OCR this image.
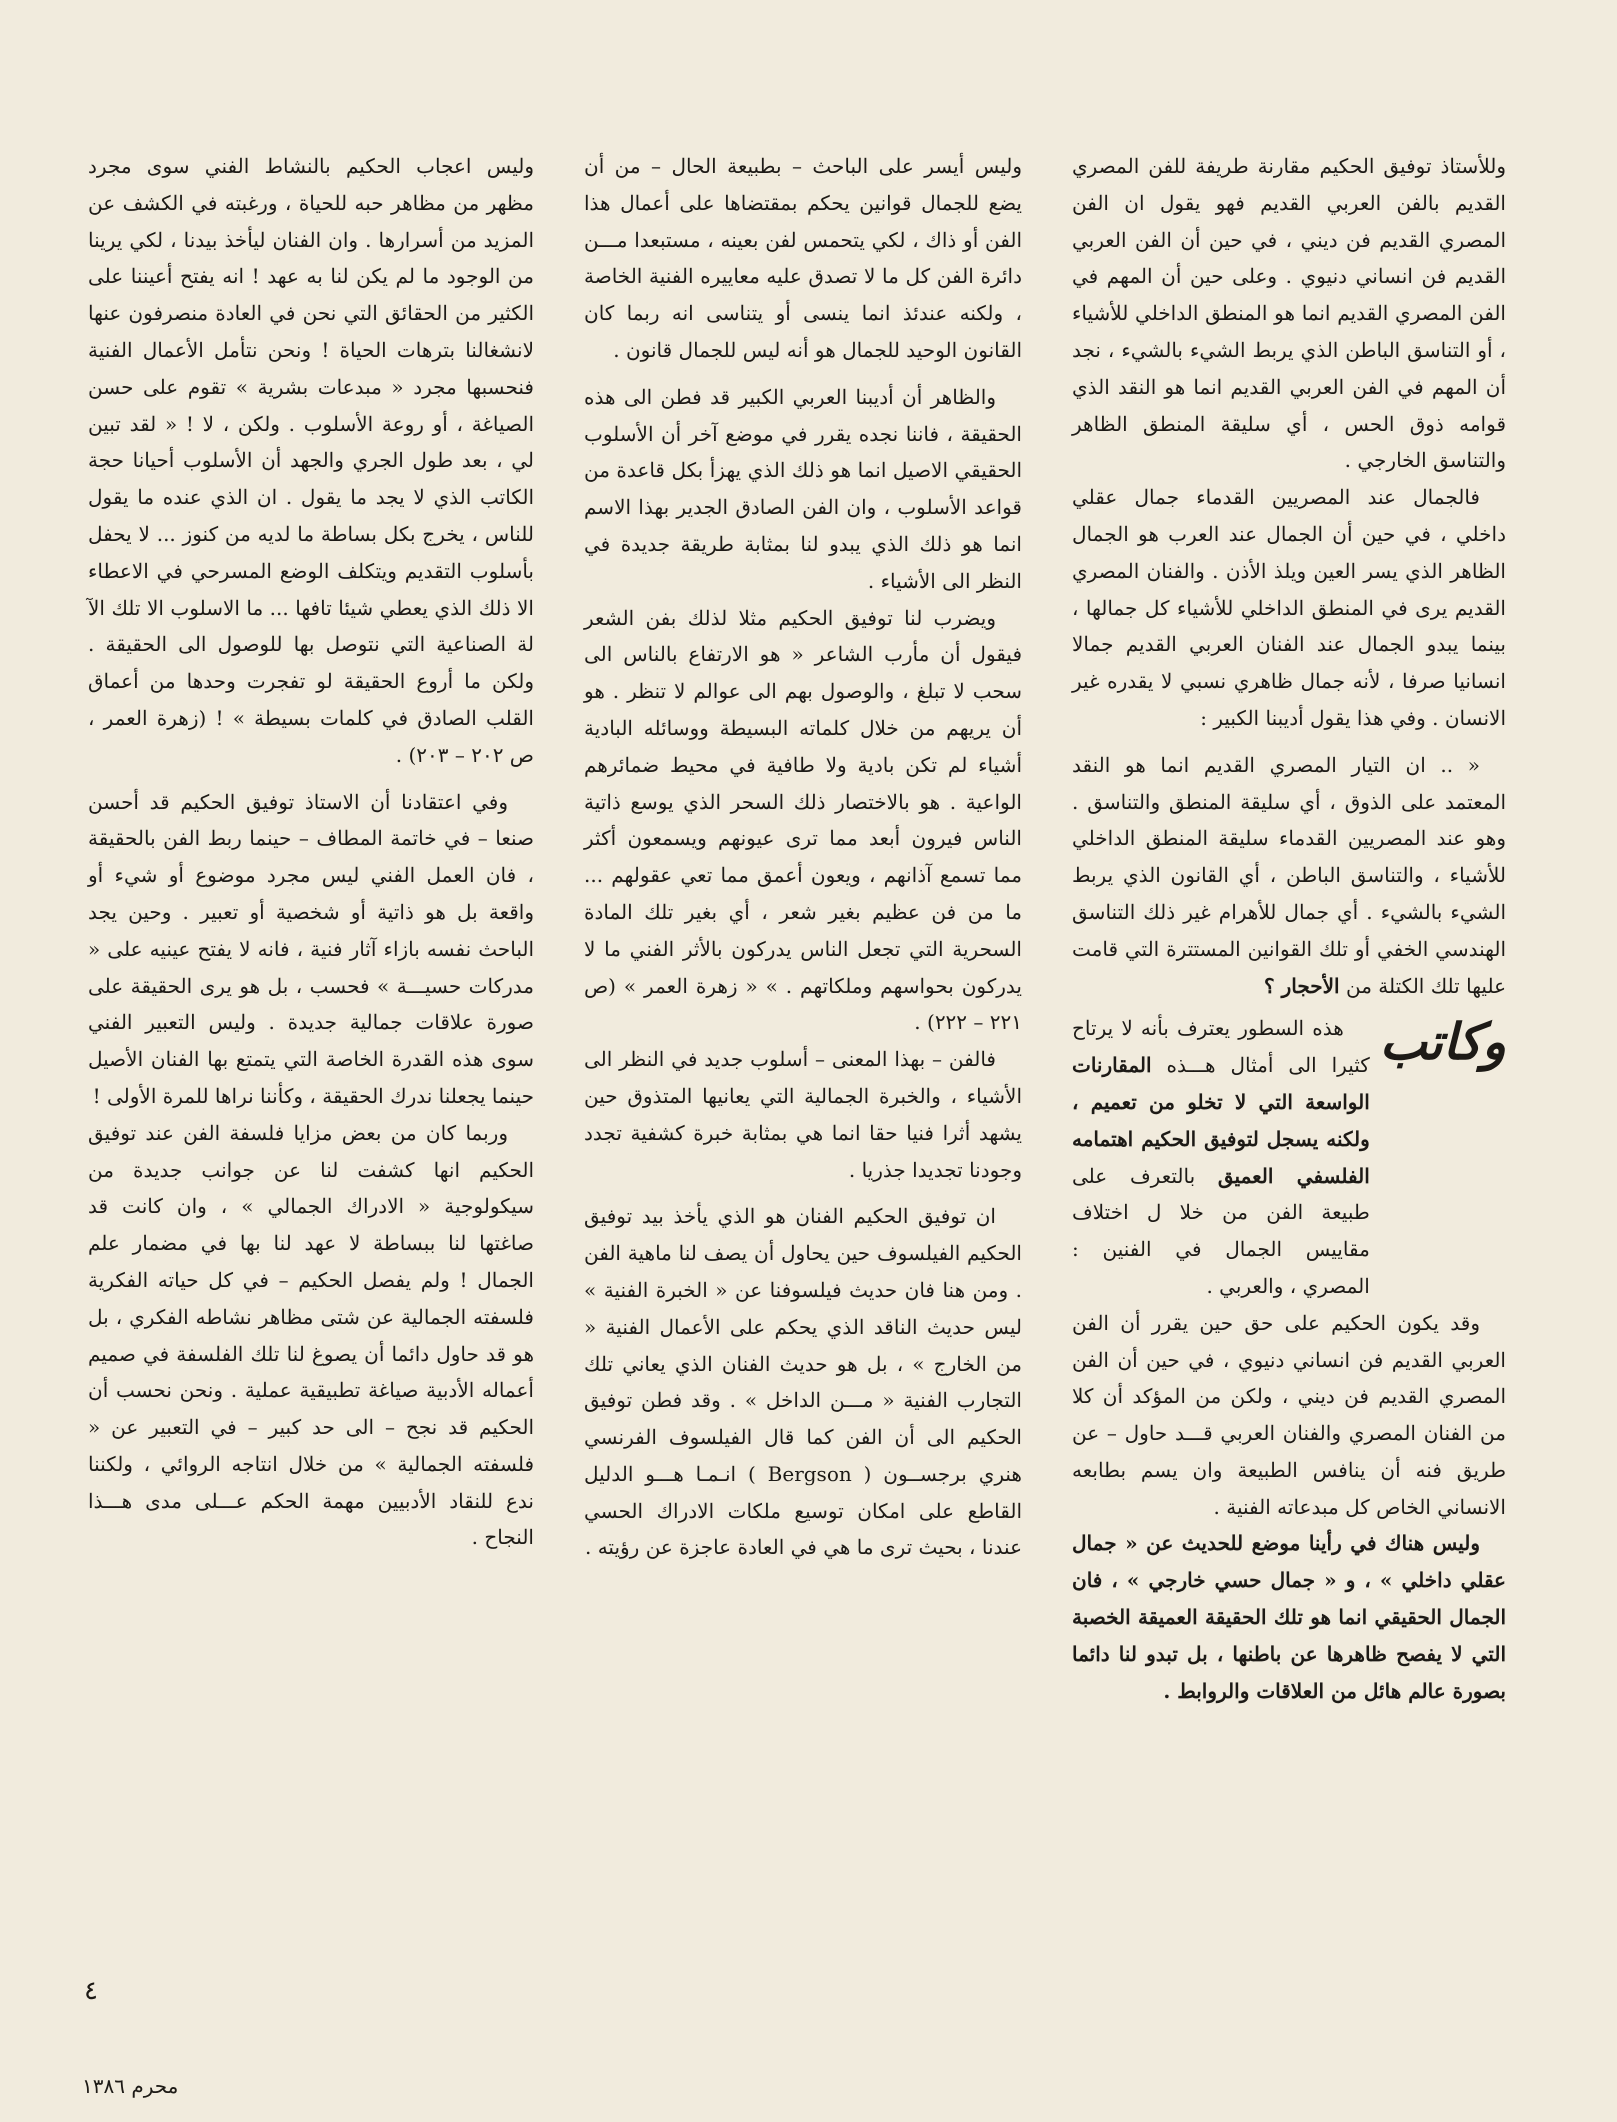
وللأستاذ توفيق الحكيم مقارنة طريفة للفن المصري القديم بالفن العربي القديم فهو يقول ان الفن المصري القديم فن ديني ، في حين أن الفن العربي القديم فن انساني دنيوي . وعلى حين أن المهم في الفن المصري القديم انما هو المنطق الداخلي للأشياء ، أو التناسق الباطن الذي يربط الشيء بالشيء ، نجد أن المهم في الفن العربي القديم انما هو النقد الذي قوامه ذوق الحس ، أي سليقة المنطق الظاهر والتناسق الخارجي .

فالجمال عند المصريين القدماء جمال عقلي داخلي ، في حين أن الجمال عند العرب هو الجمال الظاهر الذي يسر العين ويلذ الأذن . والفنان المصري القديم يرى في المنطق الداخلي للأشياء كل جمالها ، بينما يبدو الجمال عند الفنان العربي القديم جمالا انسانيا صرفا ، لأنه جمال ظاهري نسبي لا يقدره غير الانسان . وفي هذا يقول أديبنا الكبير :

« .. ان التيار المصري القديم انما هو النقد المعتمد على الذوق ، أي سليقة المنطق والتناسق . وهو عند المصريين القدماء سليقة المنطق الداخلي للأشياء ، والتناسق الباطن ، أي القانون الذي يربط الشيء بالشيء . أي جمال للأهرام غير ذلك التناسق الهندسي الخفي أو تلك القوانين المستترة التي قامت عليها تلك الكتلة من الأحجار ؟

وكاتب

هذه السطور يعترف بأنه لا يرتاح كثيرا الى أمثال هـــذه المقارنات الواسعة التي لا تخلو من تعميم ، ولكنه يسجل لتوفيق الحكيم اهتمامه الفلسفي العميق بالتعرف على طبيعة الفن من خلا ل اختلاف مقاييس الجمال في الفنين : المصري ، والعربي .

وقد يكون الحكيم على حق حين يقرر أن الفن العربي القديم فن انساني دنيوي ، في حين أن الفن المصري القديم فن ديني ، ولكن من المؤكد أن كلا من الفنان المصري والفنان العربي قـــد حاول – عن طريق فنه أن ينافس الطبيعة وان يسم بطابعه الانساني الخاص كل مبدعاته الفنية .

وليس هناك في رأينا موضع للحديث عن « جمال عقلي داخلي » ، و « جمال حسي خارجي » ، فان الجمال الحقيقي انما هو تلك الحقيقة العميقة الخصبة التي لا يفصح ظاهرها عن باطنها ، بل تبدو لنا دائما بصورة عالم هائل من العلاقات والروابط .

وليس أيسر على الباحث – بطبيعة الحال – من أن يضع للجمال قوانين يحكم بمقتضاها على أعمال هذا الفن أو ذاك ، لكي يتحمس لفن بعينه ، مستبعدا مـــن دائرة الفن كل ما لا تصدق عليه معاييره الفنية الخاصة ، ولكنه عندئذ انما ينسى أو يتناسى انه ربما كان القانون الوحيد للجمال هو أنه ليس للجمال قانون .

والظاهر أن أديبنا العربي الكبير قد فطن الى هذه الحقيقة ، فاننا نجده يقرر في موضع آخر أن الأسلوب الحقيقي الاصيل انما هو ذلك الذي يهزأ بكل قاعدة من قواعد الأسلوب ، وان الفن الصادق الجدير بهذا الاسم انما هو ذلك الذي يبدو لنا بمثابة طريقة جديدة في النظر الى الأشياء .

ويضرب لنا توفيق الحكيم مثلا لذلك بفن الشعر فيقول أن مأرب الشاعر « هو الارتفاع بالناس الى سحب لا تبلغ ، والوصول بهم الى عوالم لا تنظر . هو أن يريهم من خلال كلماته البسيطة ووسائله البادية أشياء لم تكن بادية ولا طافية في محيط ضمائرهم الواعية . هو بالاختصار ذلك السحر الذي يوسع ذاتية الناس فيرون أبعد مما ترى عيونهم ويسمعون أكثر مما تسمع آذانهم ، ويعون أعمق مما تعي عقولهم ... ما من فن عظيم بغير شعر ، أي بغير تلك المادة السحرية التي تجعل الناس يدركون بالأثر الفني ما لا يدركون بحواسهم وملكاتهم . » « زهرة العمر » (ص ٢٢١ – ٢٢٢) .

فالفن – بهذا المعنى – أسلوب جديد في النظر الى الأشياء ، والخبرة الجمالية التي يعانيها المتذوق حين يشهد أثرا فنيا حقا انما هي بمثابة خبرة كشفية تجدد وجودنا تجديدا جذريا .

ان توفيق الحكيم الفنان هو الذي يأخذ بيد توفيق الحكيم الفيلسوف حين يحاول أن يصف لنا ماهية الفن . ومن هنا فان حديث فيلسوفنا عن « الخبرة الفنية » ليس حديث الناقد الذي يحكم على الأعمال الفنية « من الخارج » ، بل هو حديث الفنان الذي يعاني تلك التجارب الفنية « مـــن الداخل » . وقد فطن توفيق الحكيم الى أن الفن كما قال الفيلسوف الفرنسي هنري برجســون ( Bergson ) انـمـا هـــو الدليل القاطع على امكان توسيع ملكات الادراك الحسي عندنا ، بحيث ترى ما هي في العادة عاجزة عن رؤيته .

وليس اعجاب الحكيم بالنشاط الفني سوى مجرد مظهر من مظاهر حبه للحياة ، ورغبته في الكشف عن المزيد من أسرارها . وان الفنان ليأخذ بيدنا ، لكي يرينا من الوجود ما لم يكن لنا به عهد ! انه يفتح أعيننا على الكثير من الحقائق التي نحن في العادة منصرفون عنها لانشغالنا بترهات الحياة ! ونحن نتأمل الأعمال الفنية فنحسبها مجرد « مبدعات بشرية » تقوم على حسن الصياغة ، أو روعة الأسلوب . ولكن ، لا ! « لقد تبين لي ، بعد طول الجري والجهد أن الأسلوب أحيانا حجة الكاتب الذي لا يجد ما يقول . ان الذي عنده ما يقول للناس ، يخرج بكل بساطة ما لديه من كنوز ... لا يحفل بأسلوب التقديم ويتكلف الوضع المسرحي في الاعطاء الا ذلك الذي يعطي شيئا تافها ... ما الاسلوب الا تلك الآ لة الصناعية التي نتوصل بها للوصول الى الحقيقة . ولكن ما أروع الحقيقة لو تفجرت وحدها من أعماق القلب الصادق في كلمات بسيطة » ! (زهرة العمر ، ص ٢٠٢ – ٢٠٣) .

وفي اعتقادنا أن الاستاذ توفيق الحكيم قد أحسن صنعا – في خاتمة المطاف – حينما ربط الفن بالحقيقة ، فان العمل الفني ليس مجرد موضوع أو شيء أو واقعة بل هو ذاتية أو شخصية أو تعبير . وحين يجد الباحث نفسه بازاء آثار فنية ، فانه لا يفتح عينيه على « مدركات حسيـــة » فحسب ، بل هو يرى الحقيقة على صورة علاقات جمالية جديدة . وليس التعبير الفني سوى هذه القدرة الخاصة التي يتمتع بها الفنان الأصيل حينما يجعلنا ندرك الحقيقة ، وكأننا نراها للمرة الأولى !

وربما كان من بعض مزايا فلسفة الفن عند توفيق الحكيم انها كشفت لنا عن جوانب جديدة من سيكولوجية « الادراك الجمالي » ، وان كانت قد صاغتها لنا ببساطة لا عهد لنا بها في مضمار علم الجمال ! ولم يفصل الحكيم – في كل حياته الفكرية فلسفته الجمالية عن شتى مظاهر نشاطه الفكري ، بل هو قد حاول دائما أن يصوغ لنا تلك الفلسفة في صميم أعماله الأدبية صياغة تطبيقية عملية . ونحن نحسب أن الحكيم قد نجح – الى حد كبير – في التعبير عن « فلسفته الجمالية » من خلال انتاجه الروائي ، ولكننا ندع للنقاد الأدبيين مهمة الحكم عـــلى مدى هـــذا النجاح .

٤
محرم ١٣٨٦
